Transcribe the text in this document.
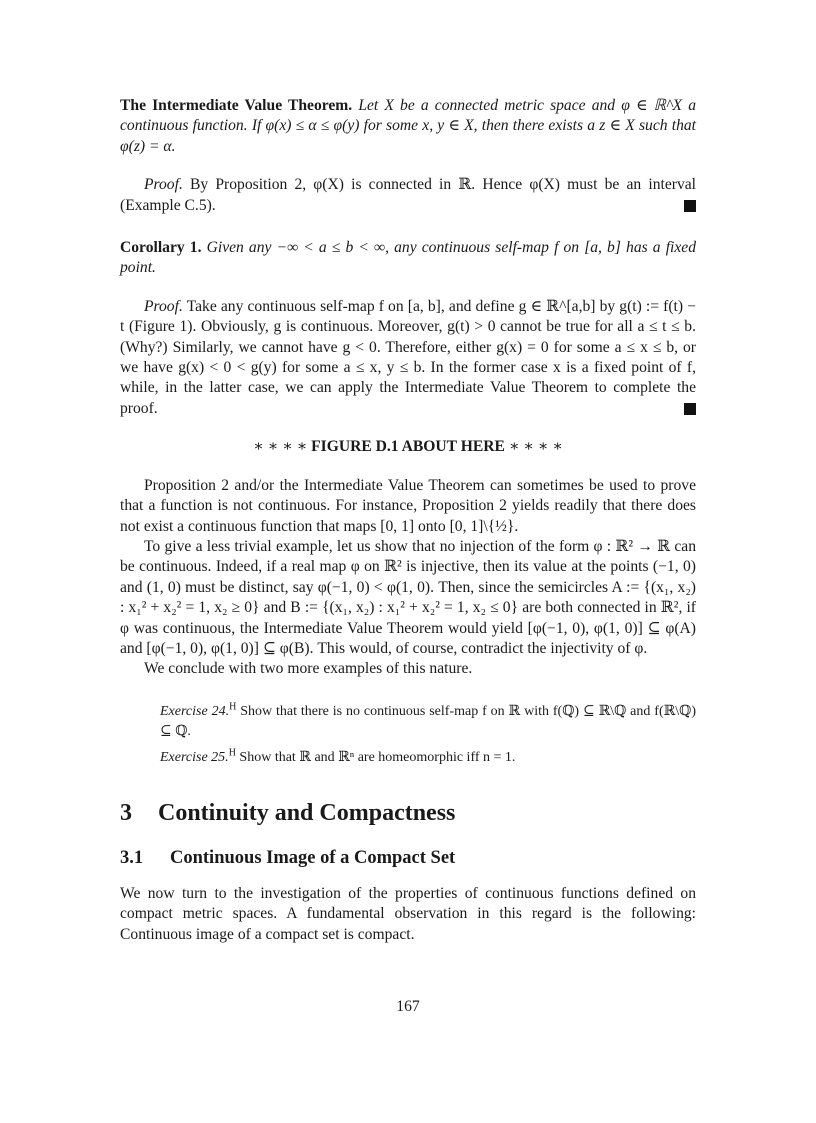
The Intermediate Value Theorem. Let X be a connected metric space and φ ∈ ℝ^X a continuous function. If φ(x) ≤ α ≤ φ(y) for some x, y ∈ X, then there exists a z ∈ X such that φ(z) = α.

Proof. By Proposition 2, φ(X) is connected in ℝ. Hence φ(X) must be an interval (Example C.5).

Corollary 1. Given any −∞ < a ≤ b < ∞, any continuous self-map f on [a, b] has a fixed point.

Proof. Take any continuous self-map f on [a, b], and define g ∈ ℝ^[a,b] by g(t) := f(t) − t (Figure 1). Obviously, g is continuous. Moreover, g(t) > 0 cannot be true for all a ≤ t ≤ b. (Why?) Similarly, we cannot have g < 0. Therefore, either g(x) = 0 for some a ≤ x ≤ b, or we have g(x) < 0 < g(y) for some a ≤ x, y ≤ b. In the former case x is a fixed point of f, while, in the latter case, we can apply the Intermediate Value Theorem to complete the proof.

∗ ∗ ∗ ∗ FIGURE D.1 ABOUT HERE ∗ ∗ ∗ ∗

Proposition 2 and/or the Intermediate Value Theorem can sometimes be used to prove that a function is not continuous. For instance, Proposition 2 yields readily that there does not exist a continuous function that maps [0, 1] onto [0, 1]\{½}.

To give a less trivial example, let us show that no injection of the form φ : ℝ² → ℝ can be continuous. Indeed, if a real map φ on ℝ² is injective, then its value at the points (−1, 0) and (1, 0) must be distinct, say φ(−1, 0) < φ(1, 0). Then, since the semicircles A := {(x₁, x₂) : x₁² + x₂² = 1, x₂ ≥ 0} and B := {(x₁, x₂) : x₁² + x₂² = 1, x₂ ≤ 0} are both connected in ℝ², if φ was continuous, the Intermediate Value Theorem would yield [φ(−1, 0), φ(1, 0)] ⊆ φ(A) and [φ(−1, 0), φ(1, 0)] ⊆ φ(B). This would, of course, contradict the injectivity of φ.

We conclude with two more examples of this nature.

Exercise 24.$^H$ Show that there is no continuous self-map f on ℝ with f(ℚ) ⊆ ℝ\ℚ and f(ℝ\ℚ) ⊆ ℚ.

Exercise 25.$^H$ Show that ℝ and ℝⁿ are homeomorphic iff n = 1.

3 Continuity and Compactness
3.1 Continuous Image of a Compact Set

We now turn to the investigation of the properties of continuous functions defined on compact metric spaces. A fundamental observation in this regard is the following: Continuous image of a compact set is compact.

167
